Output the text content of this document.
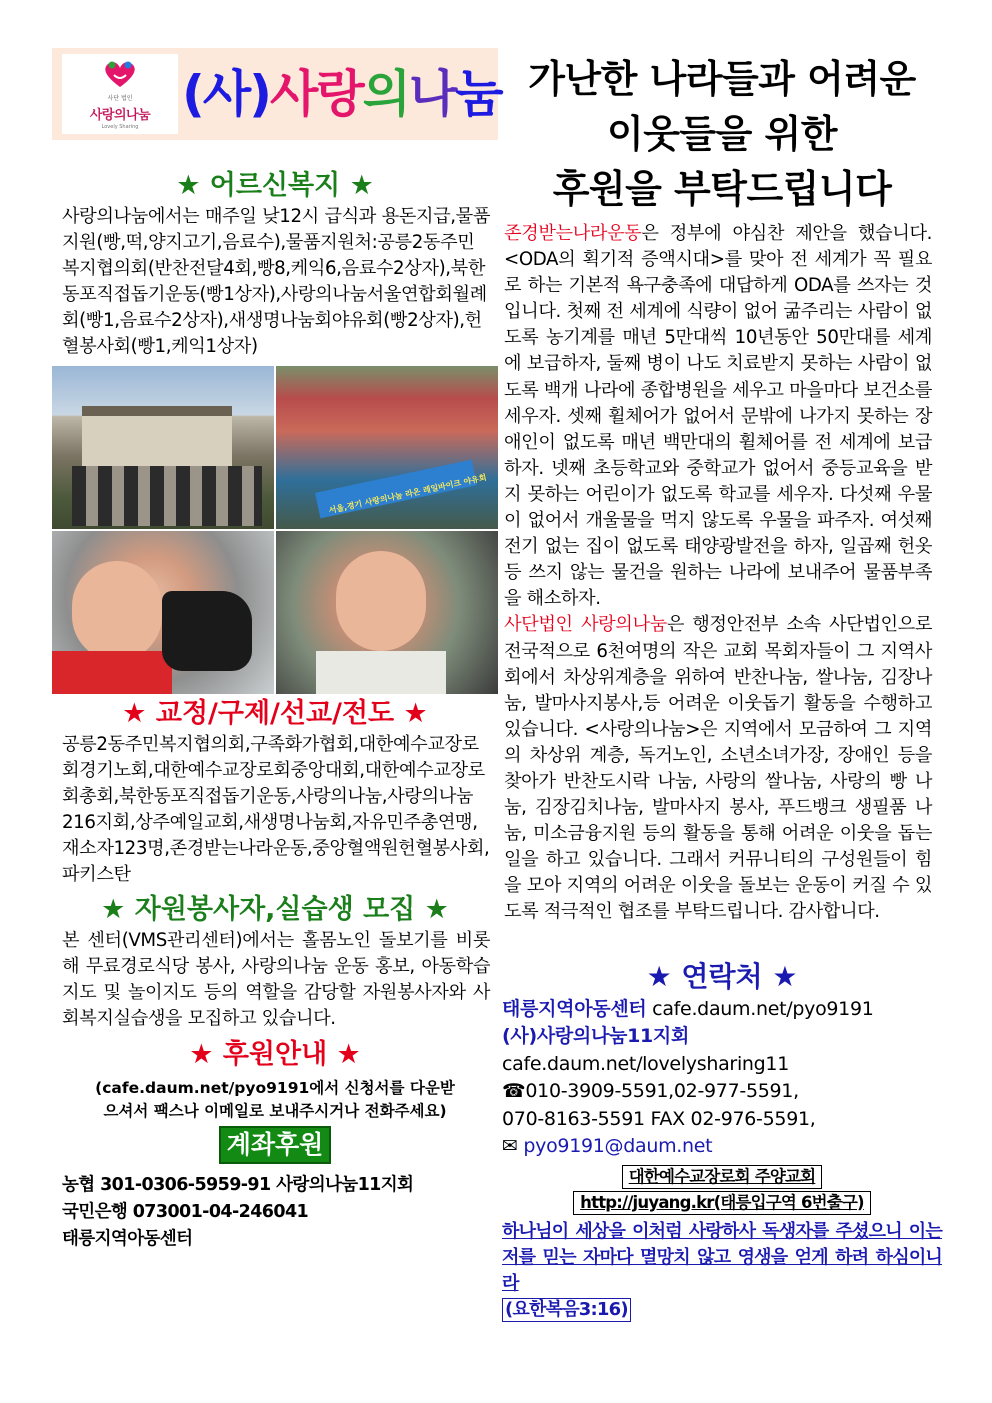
사단 법인
사랑의나눔
Lovely Sharing
(사)사랑의나눔
★ 어르신복지 ★
사랑의나눔에서는 매주일 낮12시 급식과 용돈지급,물품지원(빵,떡,양지고기,음료수),물품지원처:공릉2동주민복지협의회(반찬전달4회,빵8,케익6,음료수2상자),북한동포직접돕기운동(빵1상자),사랑의나눔서울연합회월례회(빵1,음료수2상자),새생명나눔회야유회(빵2상자),헌혈봉사회(빵1,케익1상자)
서울,경기 사랑의나눔 라온 레일바이크 야유회
★ 교정/구제/선교/전도 ★
공릉2동주민복지협의회,구족화가협회,대한예수교장로회경기노회,대한예수교장로회중앙대회,대한예수교장로회총회,북한동포직접돕기운동,사랑의나눔,사랑의나눔216지회,상주예일교회,새생명나눔회,자유민주총연맹,재소자123명,존경받는나라운동,중앙혈액원헌혈봉사회,파키스탄
★ 자원봉사자,실습생 모집 ★
본 센터(VMS관리센터)에서는 홀몸노인 돌보기를 비롯해 무료경로식당 봉사, 사랑의나눔 운동 홍보, 아동학습지도 및 놀이지도 등의 역할을 감당할 자원봉사자와 사회복지실습생을 모집하고 있습니다.
★ 후원안내 ★
(cafe.daum.net/pyo9191에서 신청서를 다운받으셔서 팩스나 이메일로 보내주시거나 전화주세요)
계좌후원
농협 301-0306-5959-91 사랑의나눔11지회
국민은행 073001-04-246041
태릉지역아동센터
가난한 나라들과 어려운
이웃들을 위한
후원을 부탁드립니다
존경받는나라운동은 정부에 야심찬 제안을 했습니다. <ODA의 획기적 증액시대>를 맞아 전 세계가 꼭 필요로 하는 기본적 욕구충족에 대답하게 ODA를 쓰자는 것입니다. 첫째 전 세계에 식량이 없어 굶주리는 사람이 없도록 농기계를 매년 5만대씩 10년동안 50만대를 세계에 보급하자, 둘째 병이 나도 치료받지 못하는 사람이 없도록 백개 나라에 종합병원을 세우고 마을마다 보건소를 세우자. 셋째 휠체어가 없어서 문밖에 나가지 못하는 장애인이 없도록 매년 백만대의 휠체어를 전 세계에 보급하자. 넷째 초등학교와 중학교가 없어서 중등교육을 받지 못하는 어린이가 없도록 학교를 세우자. 다섯째 우물이 없어서 개울물을 먹지 않도록 우물을 파주자. 여섯째 전기 없는 집이 없도록 태양광발전을 하자, 일곱째 헌옷 등 쓰지 않는 물건을 원하는 나라에 보내주어 물품부족을 해소하자.
사단법인 사랑의나눔은 행정안전부 소속 사단법인으로 전국적으로 6천여명의 작은 교회 목회자들이 그 지역사회에서 차상위계층을 위하여 반찬나눔, 쌀나눔, 김장나눔, 발마사지봉사,등 어려운 이웃돕기 활동을 수행하고 있습니다. <사랑의나눔>은 지역에서 모금하여 그 지역의 차상위 계층, 독거노인, 소년소녀가장, 장애인 등을 찾아가 반찬도시락 나눔, 사랑의 쌀나눔, 사랑의 빵 나눔, 김장김치나눔, 발마사지 봉사, 푸드뱅크 생필품 나눔, 미소금융지원 등의 활동을 통해 어려운 이웃을 돕는 일을 하고 있습니다. 그래서 커뮤니티의 구성원들이 힘을 모아 지역의 어려운 이웃을 돌보는 운동이 커질 수 있도록 적극적인 협조를 부탁드립니다. 감사합니다.
★ 연락처 ★
태릉지역아동센터 cafe.daum.net/pyo9191
(사)사랑의나눔11지회
cafe.daum.net/lovelysharing11
☎010-3909-5591,02-977-5591,
070-8163-5591 FAX 02-976-5591,
✉ pyo9191@daum.net
대한예수교장로회 주양교회
http://juyang.kr(태릉입구역 6번출구)
하나님이 세상을 이처럼 사랑하사 독생자를 주셨으니 이는 저를 믿는 자마다 멸망치 않고 영생을 얻게 하려 하심이니라
(요한복음3:16)
